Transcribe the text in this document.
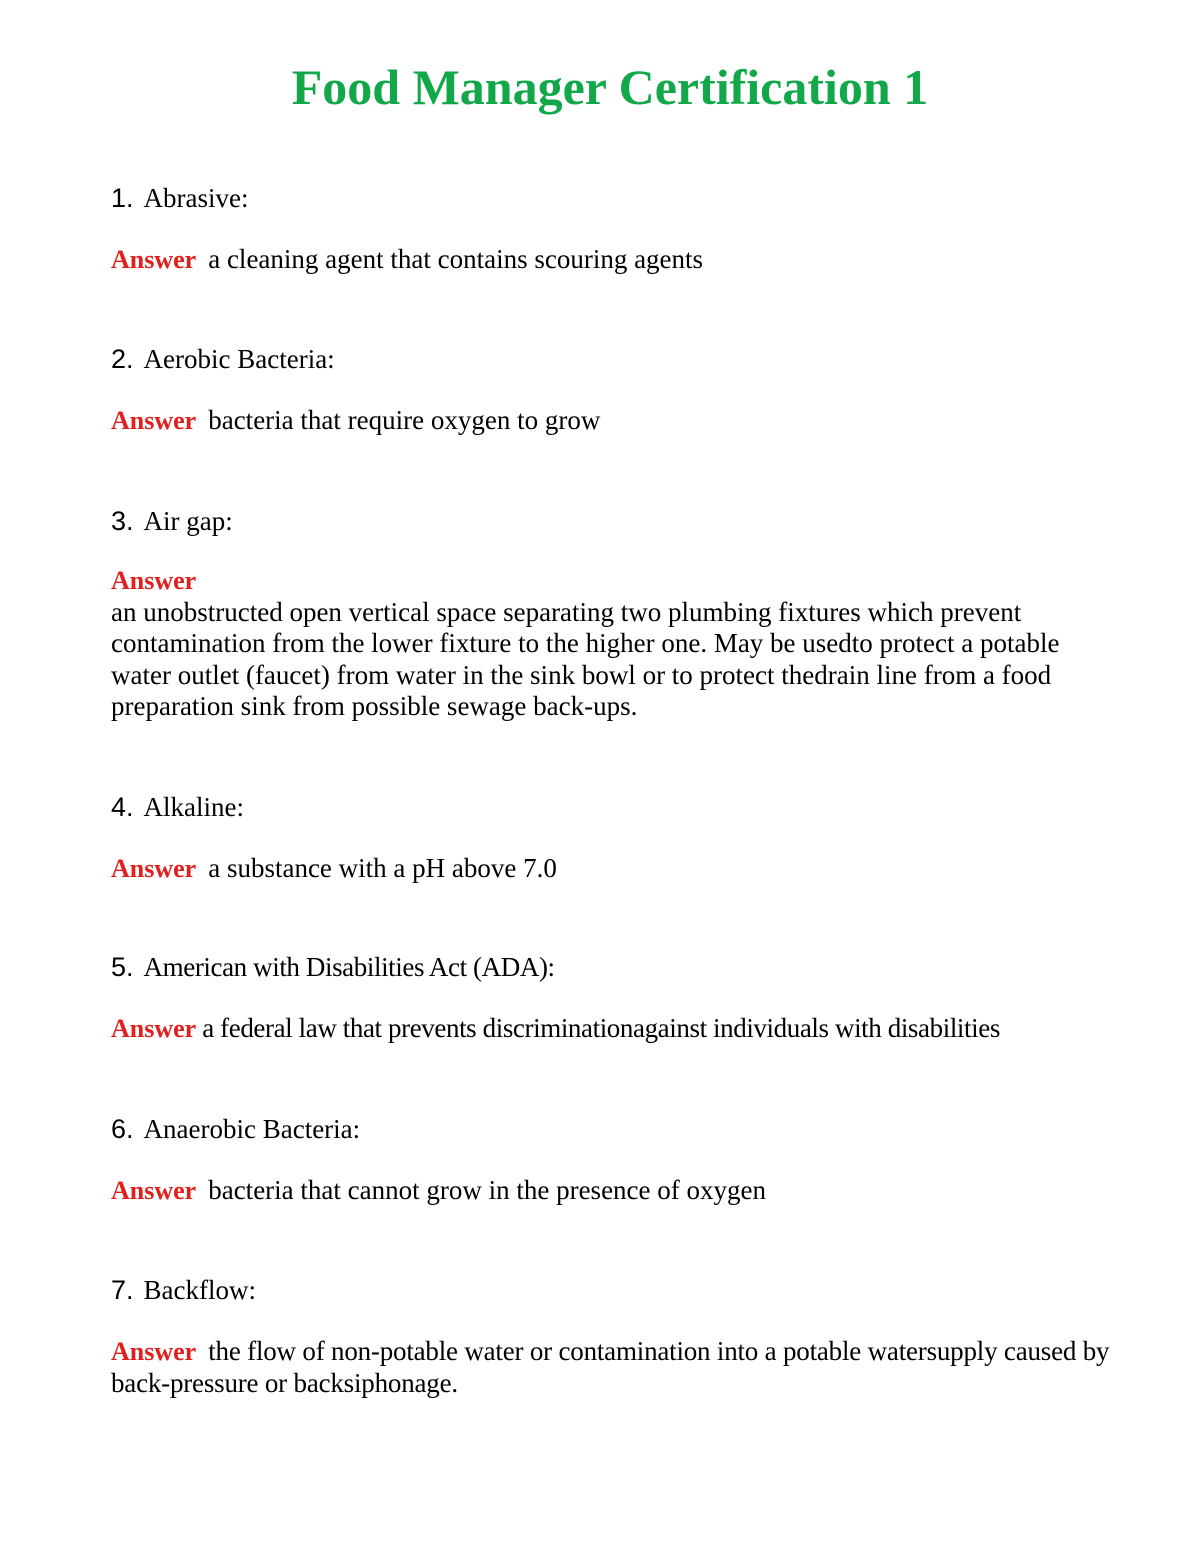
Food Manager Certification 1
1. Abrasive:
Answer a cleaning agent that contains scouring agents
2. Aerobic Bacteria:
Answer bacteria that require oxygen to grow
3. Air gap:
Answer
an unobstructed open vertical space separating two plumbing fixtures which prevent contamination from the lower fixture to the higher one. May be usedto protect a potable water outlet (faucet) from water in the sink bowl or to protect thedrain line from a food preparation sink from possible sewage back-ups.
4. Alkaline:
Answer a substance with a pH above 7.0
5. American with Disabilities Act (ADA):
Answer a federal law that prevents discriminationagainst individuals with disabilities
6. Anaerobic Bacteria:
Answer bacteria that cannot grow in the presence of oxygen
7. Backflow:
Answer the flow of non-potable water or contamination into a potable watersupply caused by back-pressure or backsiphonage.
